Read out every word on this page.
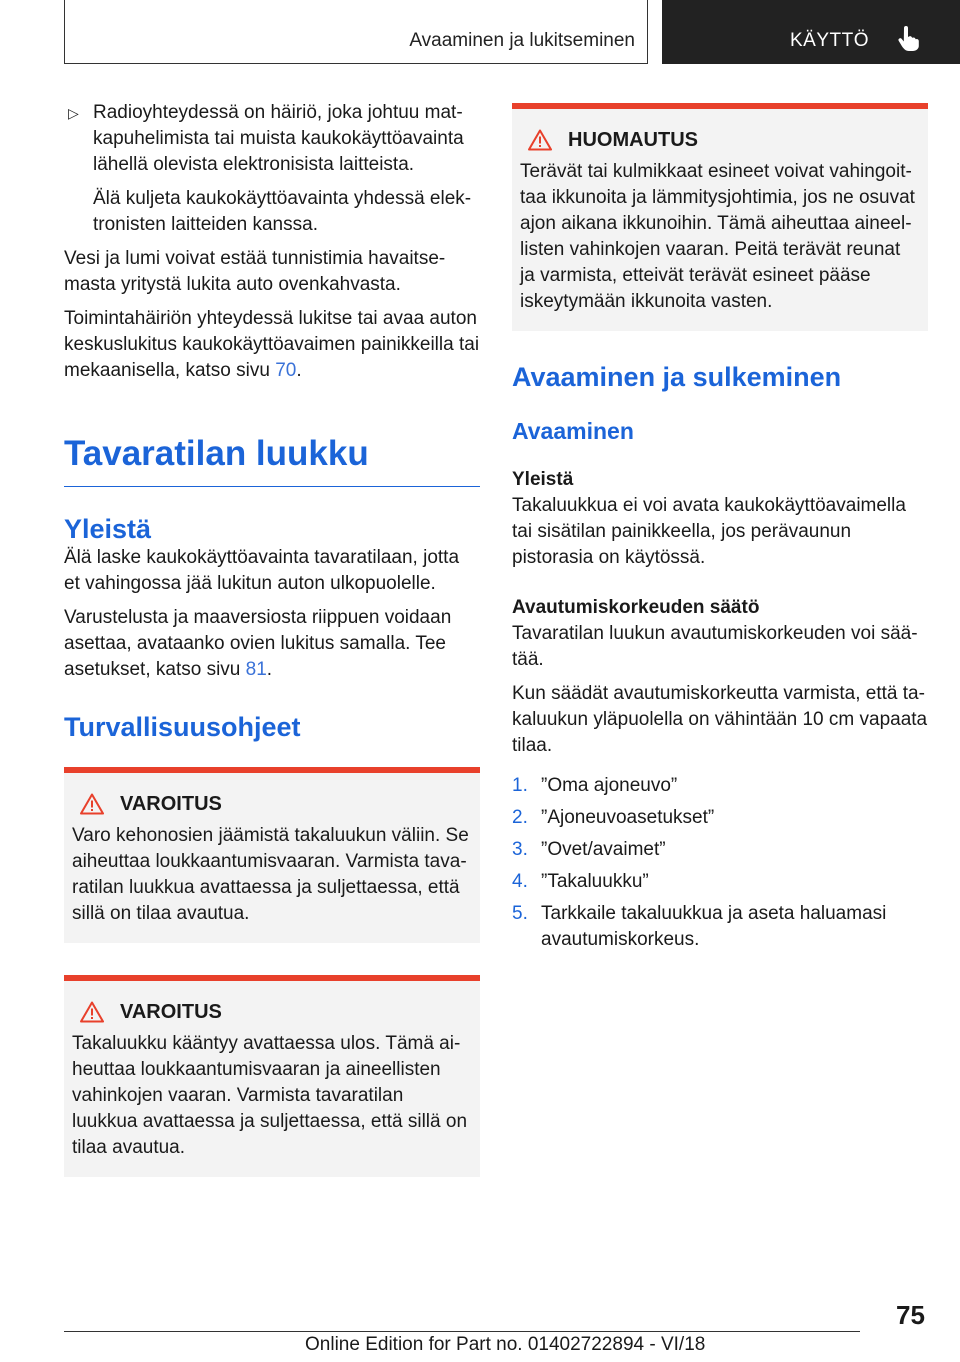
Avaaminen ja lukitseminen	KÄYTTÖ

▷ Radioyhteydessä on häiriö, joka johtuu matkapuhelimista tai muista kaukokäyttöavainta lähellä olevista elektronisista laitteista.

Älä kuljeta kaukokäyttöavainta yhdessä elektronisten laitteiden kanssa.

Vesi ja lumi voivat estää tunnistimia havaitsemasta yritystä lukita auto ovenkahvasta.

Toimintahäiriön yhteydessä lukitse tai avaa auton keskuslukitus kaukokäyttöavaimen painikkeilla tai mekaanisella, katso sivu 70.

Tavaratilan luukku
Yleistä

Älä laske kaukokäyttöavainta tavaratilaan, jotta et vahingossa jää lukitun auton ulkopuolelle.

Varustelusta ja maaversiosta riippuen voidaan asettaa, avataanko ovien lukitus samalla. Tee asetukset, katso sivu 81.

Turvallisuusohjeet
VAROITUS

Varo kehonosien jäämistä takaluukun väliin. Se aiheuttaa loukkaantumisvaaran. Varmista tavaratilan luukkua avattaessa ja suljettaessa, että sillä on tilaa avautua.

VAROITUS

Takaluukku kääntyy avattaessa ulos. Tämä aiheuttaa loukkaantumisvaaran ja aineellisten vahinkojen vaaran. Varmista tavaratilan luukkua avattaessa ja suljettaessa, että sillä on tilaa avautua.

HUOMAUTUS

Terävät tai kulmikkaat esineet voivat vahingoittaa ikkunoita ja lämmitysjohtimia, jos ne osuvat ajon aikana ikkunoihin. Tämä aiheuttaa aineellisten vahinkojen vaaran. Peitä terävät reunat ja varmista, etteivät terävät esineet pääse iskeytymään ikkunoita vasten.

Avaaminen ja sulkeminen
Avaaminen
Yleistä

Takaluukkua ei voi avata kaukokäyttöavaimella tai sisätilan painikkeella, jos perävaunun pistorasia on käytössä.

Avautumiskorkeuden säätö

Tavaratilan luukun avautumiskorkeuden voi säätää.

Kun säädät avautumiskorkeutta varmista, että takaluukun yläpuolella on vähintään 10 cm vapaata tilaa.

1. ”Oma ajoneuvo”
2. ”Ajoneuvoasetukset”
3. ”Ovet/avaimet”
4. ”Takaluukku”
5. Tarkkaile takaluukkua ja aseta haluamasi avautumiskorkeus.
75
Online Edition for Part no. 01402722894 - VI/18
